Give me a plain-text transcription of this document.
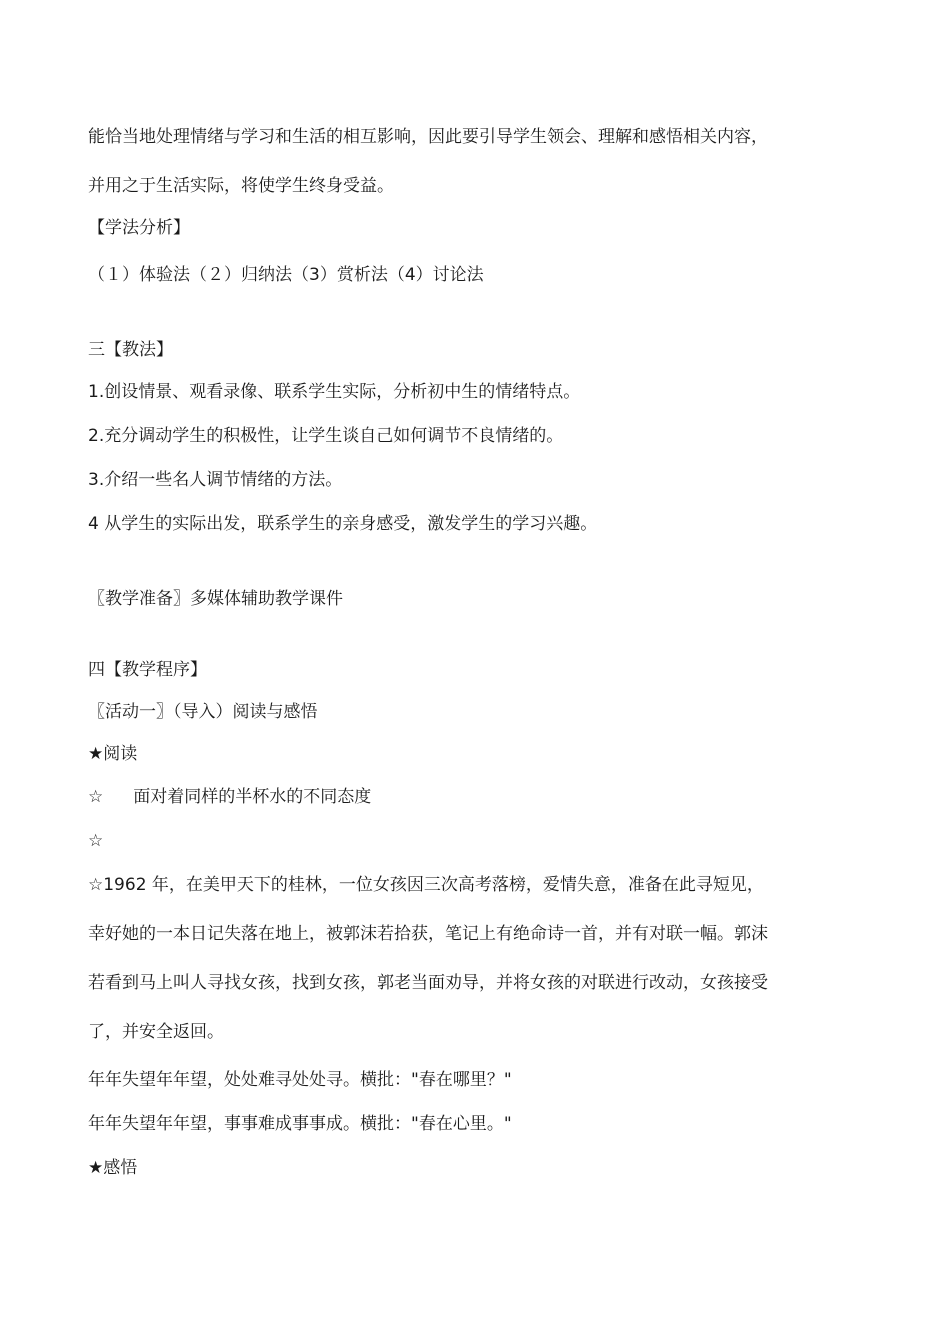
能恰当地处理情绪与学习和生活的相互影响，因此要引导学生领会、理解和感悟相关内容，
并用之于生活实际，将使学生终身受益。
【学法分析】
（１）体验法（２）归纳法（3）赏析法（4）讨论法
三【教法】
1.创设情景、观看录像、联系学生实际，分析初中生的情绪特点。
2.充分调动学生的积极性，让学生谈自己如何调节不良情绪的。
3.介绍一些名人调节情绪的方法。
4 从学生的实际出发，联系学生的亲身感受，激发学生的学习兴趣。
〖教学准备〗多媒体辅助教学课件
四【教学程序】
〖活动一〗（导入）阅读与感悟
★阅读
☆ 面对着同样的半杯水的不同态度
☆
☆1962 年，在美甲天下的桂林，一位女孩因三次高考落榜，爱情失意，准备在此寻短见，
幸好她的一本日记失落在地上，被郭沫若拾获，笔记上有绝命诗一首，并有对联一幅。郭沫
若看到马上叫人寻找女孩，找到女孩，郭老当面劝导，并将女孩的对联进行改动，女孩接受
了，并安全返回。
年年失望年年望，处处难寻处处寻。横批："春在哪里？"
年年失望年年望，事事难成事事成。横批："春在心里。"
★感悟
